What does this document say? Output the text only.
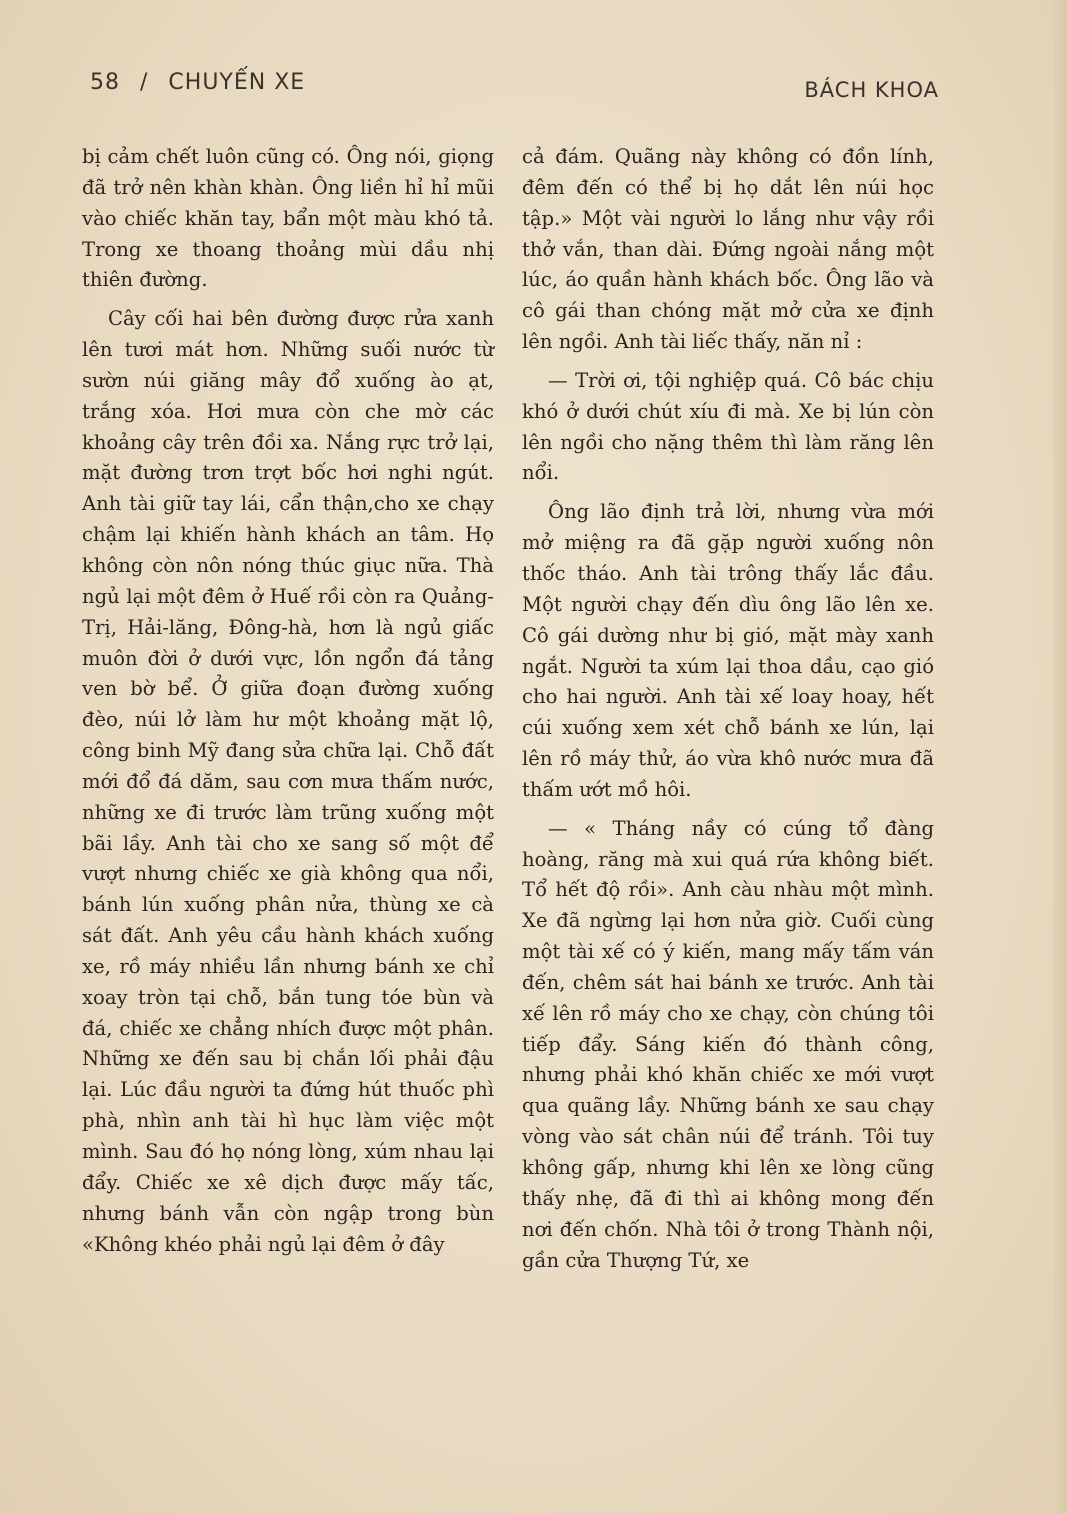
58 / CHUYẾN XE	BÁCH KHOA

bị cảm chết luôn cũng có. Ông nói, giọng đã trở nên khàn khàn. Ông liền hỉ hỉ mũi vào chiếc khăn tay, bẩn một màu khó tả. Trong xe thoang thoảng mùi dầu nhị thiên đường.

Cây cối hai bên đường được rửa xanh lên tươi mát hơn. Những suối nước từ sườn núi giăng mây đổ xuống ào ạt, trắng xóa. Hơi mưa còn che mờ các khoảng cây trên đồi xa. Nắng rực trở lại, mặt đường trơn trợt bốc hơi nghi ngút. Anh tài giữ tay lái, cẩn thận,cho xe chạy chậm lại khiến hành khách an tâm. Họ không còn nôn nóng thúc giục nữa. Thà ngủ lại một đêm ở Huế rồi còn ra Quảng-Trị, Hải-lăng, Đông-hà, hơn là ngủ giấc muôn đời ở dưới vực, lồn ngổn đá tảng ven bờ bể. Ở giữa đoạn đường xuống đèo, núi lở làm hư một khoảng mặt lộ, công binh Mỹ đang sửa chữa lại. Chỗ đất mới đổ đá dăm, sau cơn mưa thấm nước, những xe đi trước làm trũng xuống một bãi lầy. Anh tài cho xe sang số một để vượt nhưng chiếc xe già không qua nổi, bánh lún xuống phân nửa, thùng xe cà sát đất. Anh yêu cầu hành khách xuống xe, rồ máy nhiều lần nhưng bánh xe chỉ xoay tròn tại chỗ, bắn tung tóe bùn và đá, chiếc xe chẳng nhích được một phân. Những xe đến sau bị chắn lối phải đậu lại. Lúc đầu người ta đứng hút thuốc phì phà, nhìn anh tài hì hục làm việc một mình. Sau đó họ nóng lòng, xúm nhau lại đẩy. Chiếc xe xê dịch được mấy tấc, nhưng bánh vẫn còn ngập trong bùn «Không khéo phải ngủ lại đêm ở đây

cả đám. Quãng này không có đồn lính, đêm đến có thể bị họ dắt lên núi học tập.» Một vài người lo lắng như vậy rồi thở vắn, than dài. Đứng ngoài nắng một lúc, áo quần hành khách bốc. Ông lão và cô gái than chóng mặt mở cửa xe định lên ngồi. Anh tài liếc thấy, năn nỉ :

— Trời ơi, tội nghiệp quá. Cô bác chịu khó ở dưới chút xíu đi mà. Xe bị lún còn lên ngồi cho nặng thêm thì làm răng lên nổi.

Ông lão định trả lời, nhưng vừa mới mở miệng ra đã gặp người xuống nôn thốc tháo. Anh tài trông thấy lắc đầu. Một người chạy đến dìu ông lão lên xe. Cô gái dường như bị gió, mặt mày xanh ngắt. Người ta xúm lại thoa dầu, cạo gió cho hai người. Anh tài xế loay hoay, hết cúi xuống xem xét chỗ bánh xe lún, lại lên rồ máy thử, áo vừa khô nước mưa đã thấm ướt mồ hôi.

— « Tháng nầy có cúng tổ đàng hoàng, răng mà xui quá rứa không biết. Tổ hết độ rồi». Anh càu nhàu một mình. Xe đã ngừng lại hơn nửa giờ. Cuối cùng một tài xế có ý kiến, mang mấy tấm ván đến, chêm sát hai bánh xe trước. Anh tài xế lên rồ máy cho xe chạy, còn chúng tôi tiếp đẩy. Sáng kiến đó thành công, nhưng phải khó khăn chiếc xe mới vượt qua quãng lầy. Những bánh xe sau chạy vòng vào sát chân núi để tránh. Tôi tuy không gấp, nhưng khi lên xe lòng cũng thấy nhẹ, đã đi thì ai không mong đến nơi đến chốn. Nhà tôi ở trong Thành nội, gần cửa Thượng Tứ, xe
